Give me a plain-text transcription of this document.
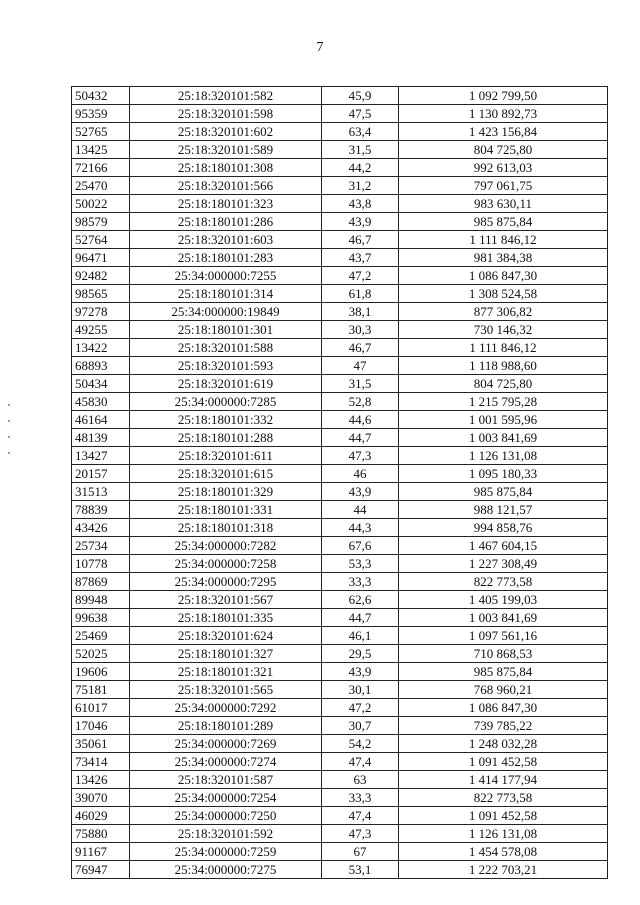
7
50432	25:18:320101:582	45,9	1 092 799,50
95359	25:18:320101:598	47,5	1 130 892,73
52765	25:18:320101:602	63,4	1 423 156,84
13425	25:18:320101:589	31,5	804 725,80
72166	25:18:180101:308	44,2	992 613,03
25470	25:18:320101:566	31,2	797 061,75
50022	25:18:180101:323	43,8	983 630,11
98579	25:18:180101:286	43,9	985 875,84
52764	25:18:320101:603	46,7	1 111 846,12
96471	25:18:180101:283	43,7	981 384,38
92482	25:34:000000:7255	47,2	1 086 847,30
98565	25:18:180101:314	61,8	1 308 524,58
97278	25:34:000000:19849	38,1	877 306,82
49255	25:18:180101:301	30,3	730 146,32
13422	25:18:320101:588	46,7	1 111 846,12
68893	25:18:320101:593	47	1 118 988,60
50434	25:18:320101:619	31,5	804 725,80
45830	25:34:000000:7285	52,8	1 215 795,28
46164	25:18:180101:332	44,6	1 001 595,96
48139	25:18:180101:288	44,7	1 003 841,69
13427	25:18:320101:611	47,3	1 126 131,08
20157	25:18:320101:615	46	1 095 180,33
31513	25:18:180101:329	43,9	985 875,84
78839	25:18:180101:331	44	988 121,57
43426	25:18:180101:318	44,3	994 858,76
25734	25:34:000000:7282	67,6	1 467 604,15
10778	25:34:000000:7258	53,3	1 227 308,49
87869	25:34:000000:7295	33,3	822 773,58
89948	25:18:320101:567	62,6	1 405 199,03
99638	25:18:180101:335	44,7	1 003 841,69
25469	25:18:320101:624	46,1	1 097 561,16
52025	25:18:180101:327	29,5	710 868,53
19606	25:18:180101:321	43,9	985 875,84
75181	25:18:320101:565	30,1	768 960,21
61017	25:34:000000:7292	47,2	1 086 847,30
17046	25:18:180101:289	30,7	739 785,22
35061	25:34:000000:7269	54,2	1 248 032,28
73414	25:34:000000:7274	47,4	1 091 452,58
13426	25:18:320101:587	63	1 414 177,94
39070	25:34:000000:7254	33,3	822 773,58
46029	25:34:000000:7250	47,4	1 091 452,58
75880	25:18:320101:592	47,3	1 126 131,08
91167	25:34:000000:7259	67	1 454 578,08
76947	25:34:000000:7275	53,1	1 222 703,21
